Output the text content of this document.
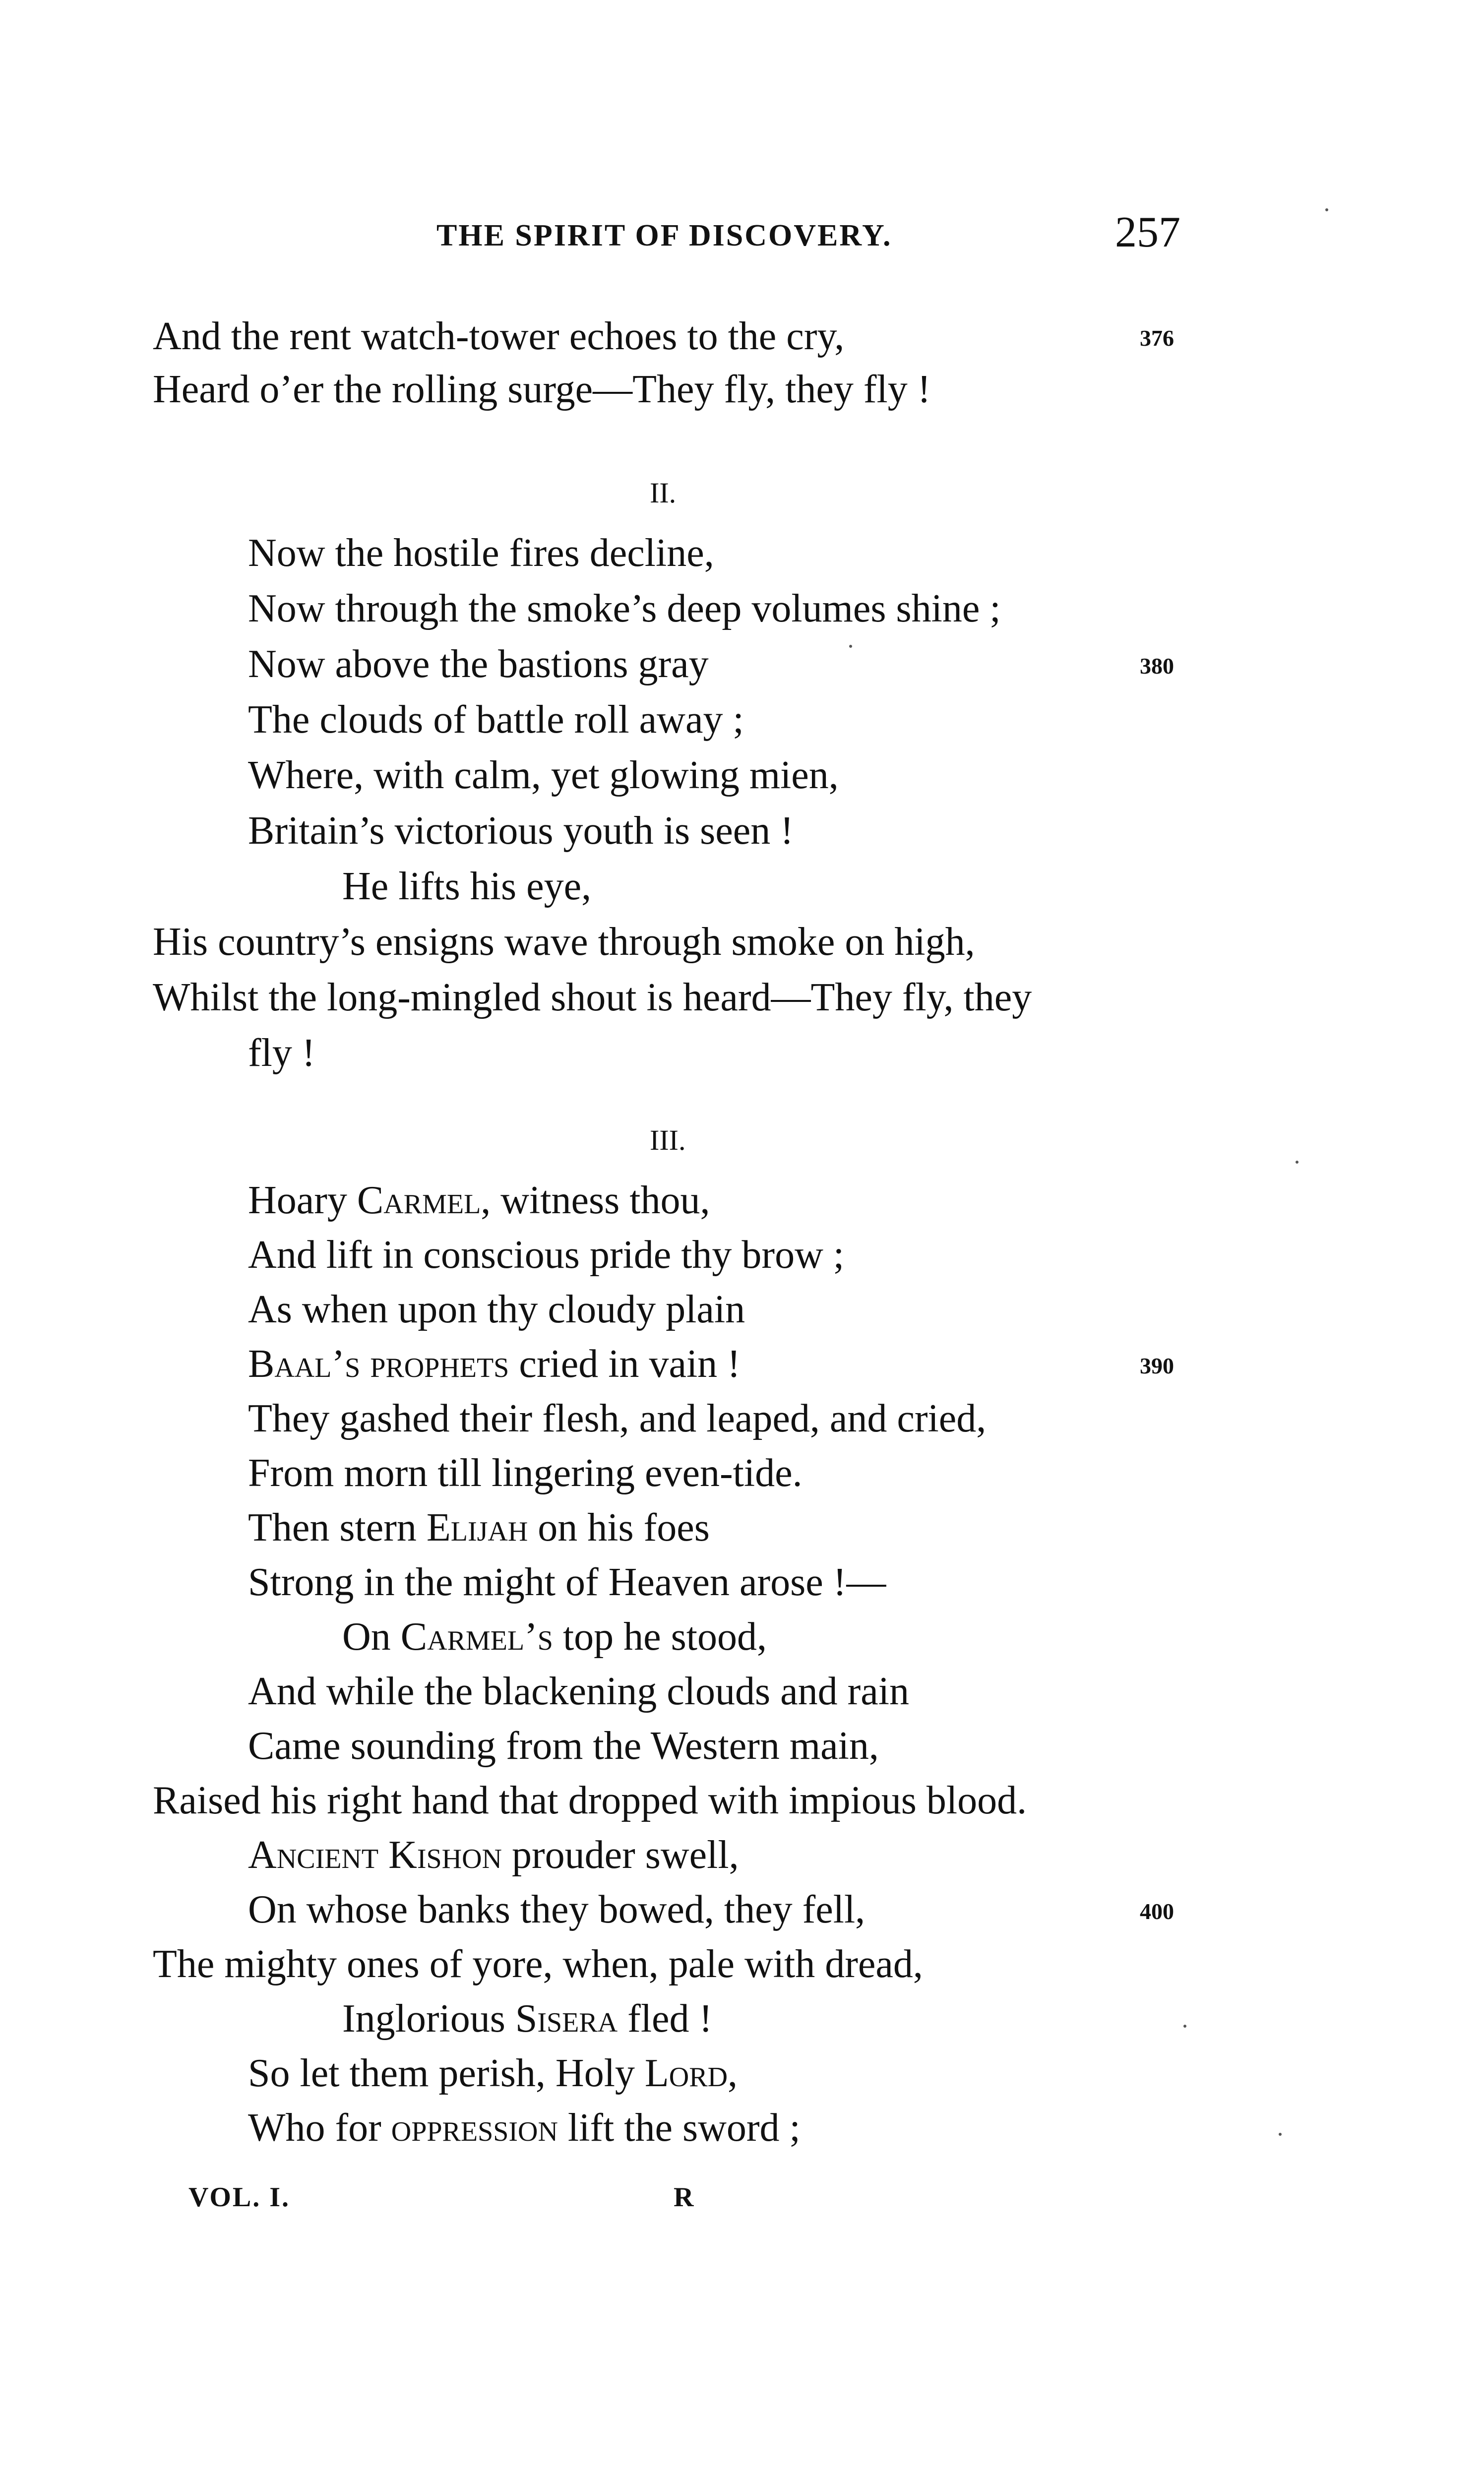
THE SPIRIT OF DISCOVERY.	257
And the rent watch-tower echoes to the cry,	376
Heard o’er the rolling surge—They fly, they fly !
II.
Now the hostile fires decline,
Now through the smoke’s deep volumes shine ;
Now above the bastions gray	380
The clouds of battle roll away ;
Where, with calm, yet glowing mien,
Britain’s victorious youth is seen !
He lifts his eye,
His country’s ensigns wave through smoke on high,
Whilst the long-mingled shout is heard—They fly, they
fly !
III.
Hoary Carmel, witness thou,
And lift in conscious pride thy brow ;
As when upon thy cloudy plain
Baal’s prophets cried in vain !	390
They gashed their flesh, and leaped, and cried,
From morn till lingering even-tide.
Then stern Elijah on his foes
Strong in the might of Heaven arose !—
On Carmel’s top he stood,
And while the blackening clouds and rain
Came sounding from the Western main,
Raised his right hand that dropped with impious blood.
Ancient Kishon prouder swell,
On whose banks they bowed, they fell,	400
The mighty ones of yore, when, pale with dread,
Inglorious Sisera fled !
So let them perish, Holy Lord,
Who for oppression lift the sword ;
VOL. I.	R
